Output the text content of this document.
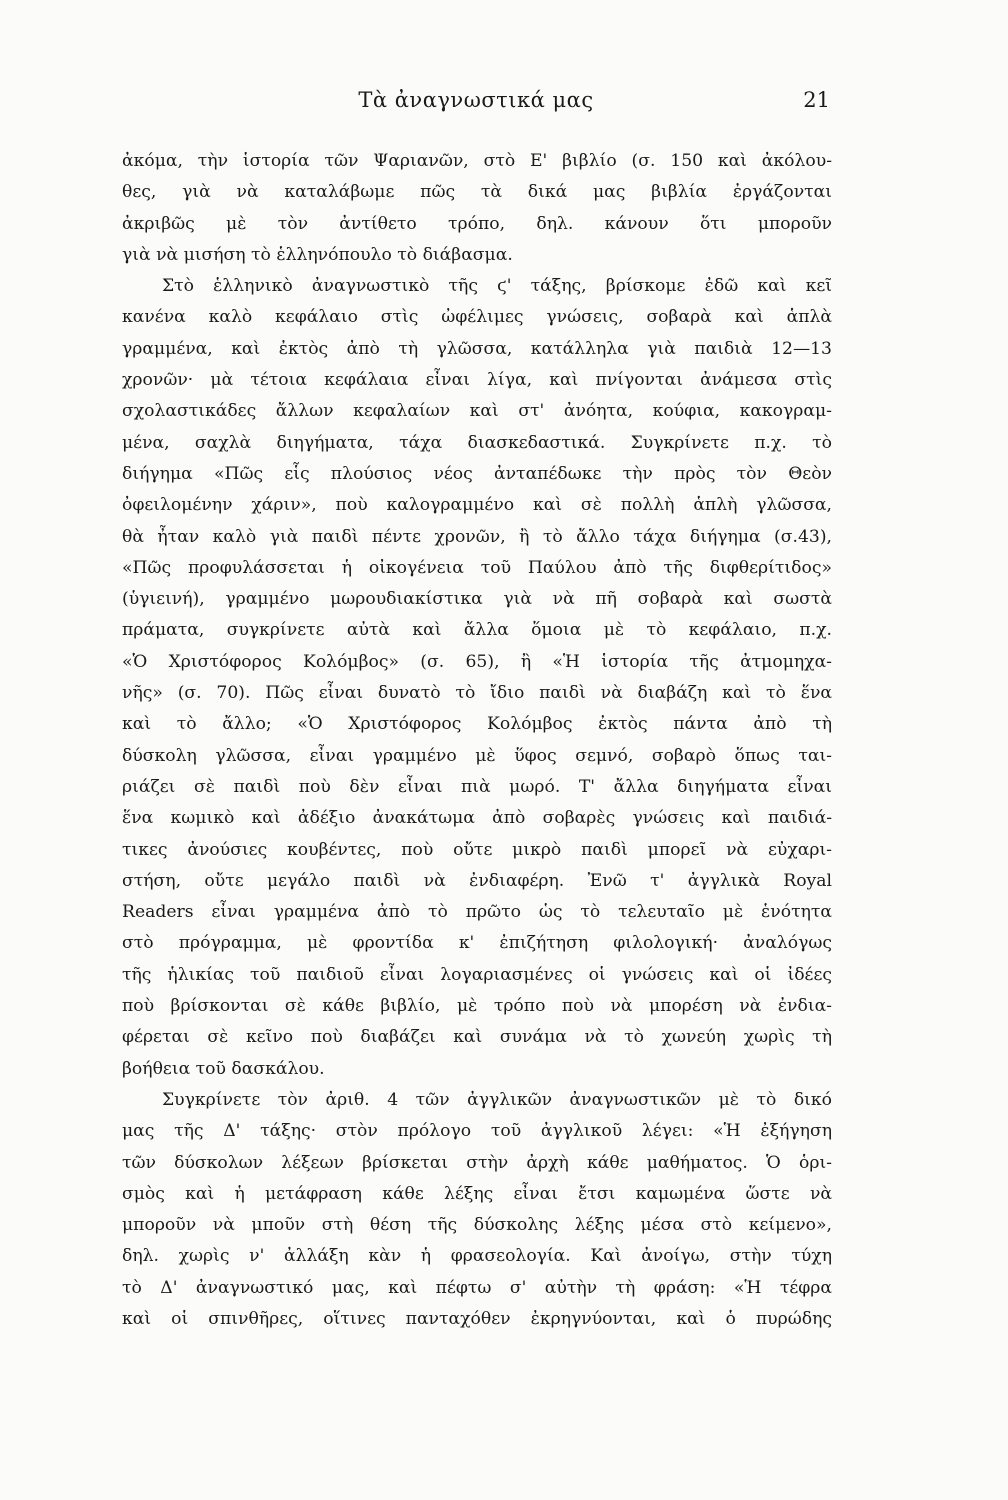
Τὰ ἀναγνωστικά μας	21
ἀκόμα, τὴν ἱστορία τῶν Ψαριανῶν, στὸ Ε' βιβλίο (σ. 150 καὶ ἀκόλου-
θες, γιὰ νὰ καταλάβωμε πῶς τὰ δικά μας βιβλία ἐργάζονται
ἀκριβῶς μὲ τὸν ἀντίθετο τρόπο, δηλ. κάνουν ὅτι μποροῦν
γιὰ νὰ μισήση τὸ ἑλληνόπουλο τὸ διάβασμα.
Στὸ ἑλληνικὸ ἀναγνωστικὸ τῆς ϛ' τάξης, βρίσκομε ἐδῶ καὶ κεῖ
κανένα καλὸ κεφάλαιο στὶς ὠφέλιμες γνώσεις, σοβαρὰ καὶ ἁπλὰ
γραμμένα, καὶ ἐκτὸς ἀπὸ τὴ γλῶσσα, κατάλληλα γιὰ παιδιὰ 12—13
χρονῶν· μὰ τέτοια κεφάλαια εἶναι λίγα, καὶ πνίγονται ἀνάμεσα στὶς
σχολαστικάδες ἄλλων κεφαλαίων καὶ στ' ἀνόητα, κούφια, κακογραμ-
μένα, σαχλὰ διηγήματα, τάχα διασκεδαστικά. Συγκρίνετε π.χ. τὸ
διήγημα «Πῶς εἷς πλούσιος νέος ἀνταπέδωκε τὴν πρὸς τὸν Θεὸν
ὀφειλομένην χάριν», ποὺ καλογραμμένο καὶ σὲ πολλὴ ἁπλὴ γλῶσσα,
θὰ ἦταν καλὸ γιὰ παιδὶ πέντε χρονῶν, ἢ τὸ ἄλλο τάχα διήγημα (σ.43),
«Πῶς προφυλάσσεται ἡ οἰκογένεια τοῦ Παύλου ἀπὸ τῆς διφθερίτιδος»
(ὑγιεινή), γραμμένο μωρουδιακίστικα γιὰ νὰ πῆ σοβαρὰ καὶ σωστὰ
πράματα, συγκρίνετε αὐτὰ καὶ ἄλλα ὅμοια μὲ τὸ κεφάλαιο, π.χ.
«Ὁ Χριστόφορος Κολόμβος» (σ. 65), ἢ «Ἡ ἱστορία τῆς ἀτμομηχα-
νῆς» (σ. 70). Πῶς εἶναι δυνατὸ τὸ ἴδιο παιδὶ νὰ διαβάζη καὶ τὸ ἕνα
καὶ τὸ ἄλλο; «Ὁ Χριστόφορος Κολόμβος ἐκτὸς πάντα ἀπὸ τὴ
δύσκολη γλῶσσα, εἶναι γραμμένο μὲ ὕφος σεμνό, σοβαρὸ ὅπως ται-
ριάζει σὲ παιδὶ ποὺ δὲν εἶναι πιὰ μωρό. Τ' ἄλλα διηγήματα εἶναι
ἕνα κωμικὸ καὶ ἀδέξιο ἀνακάτωμα ἀπὸ σοβαρὲς γνώσεις καὶ παιδιά-
τικες ἀνούσιες κουβέντες, ποὺ οὔτε μικρὸ παιδὶ μπορεῖ νὰ εὐχαρι-
στήση, οὔτε μεγάλο παιδὶ νὰ ἐνδιαφέρη. Ἐνῶ τ' ἀγγλικὰ Royal
Readers εἶναι γραμμένα ἀπὸ τὸ πρῶτο ὡς τὸ τελευταῖο μὲ ἑνότητα
στὸ πρόγραμμα, μὲ φροντίδα κ' ἐπιζήτηση φιλολογική· ἀναλόγως
τῆς ἡλικίας τοῦ παιδιοῦ εἶναι λογαριασμένες οἱ γνώσεις καὶ οἱ ἰδέες
ποὺ βρίσκονται σὲ κάθε βιβλίο, μὲ τρόπο ποὺ νὰ μπορέση νὰ ἐνδια-
φέρεται σὲ κεῖνο ποὺ διαβάζει καὶ συνάμα νὰ τὸ χωνεύη χωρὶς τὴ
βοήθεια τοῦ δασκάλου.
Συγκρίνετε τὸν ἀριθ. 4 τῶν ἀγγλικῶν ἀναγνωστικῶν μὲ τὸ δικό
μας τῆς Δ' τάξης· στὸν πρόλογο τοῦ ἀγγλικοῦ λέγει: «Ἡ ἐξήγηση
τῶν δύσκολων λέξεων βρίσκεται στὴν ἀρχὴ κάθε μαθήματος. Ὁ ὁρι-
σμὸς καὶ ἡ μετάφραση κάθε λέξης εἶναι ἔτσι καμωμένα ὥστε νὰ
μποροῦν νὰ μποῦν στὴ θέση τῆς δύσκολης λέξης μέσα στὸ κείμενο»,
δηλ. χωρὶς ν' ἀλλάξη κὰν ἡ φρασεολογία. Καὶ ἀνοίγω, στὴν τύχη
τὸ Δ' ἀναγνωστικό μας, καὶ πέφτω σ' αὐτὴν τὴ φράση: «Ἡ τέφρα
καὶ οἱ σπινθῆρες, οἵτινες πανταχόθεν ἐκρηγνύονται, καὶ ὁ πυρώδης
